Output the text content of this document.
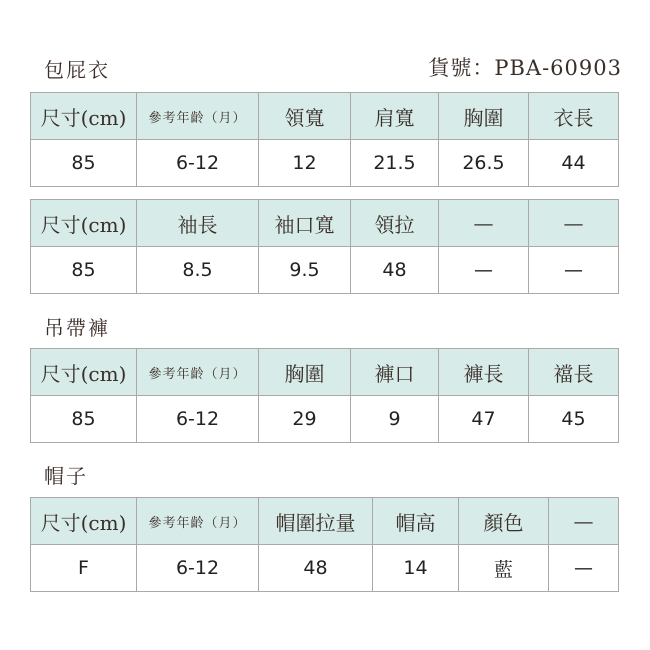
包屁衣	貨號：PBA-60903
尺寸(cm)	參考年齡（月）	領寬	肩寬	胸圍	衣長
85	6-12	12	21.5	26.5	44
尺寸(cm)	袖長	袖口寬	領拉	—	—
85	8.5	9.5	48	—	—
吊帶褲
尺寸(cm)	參考年齡（月）	胸圍	褲口	褲長	襠長
85	6-12	29	9	47	45
帽子
尺寸(cm)	參考年齡（月）	帽圍拉量	帽高	顏色	—
F	6-12	48	14	藍	—
